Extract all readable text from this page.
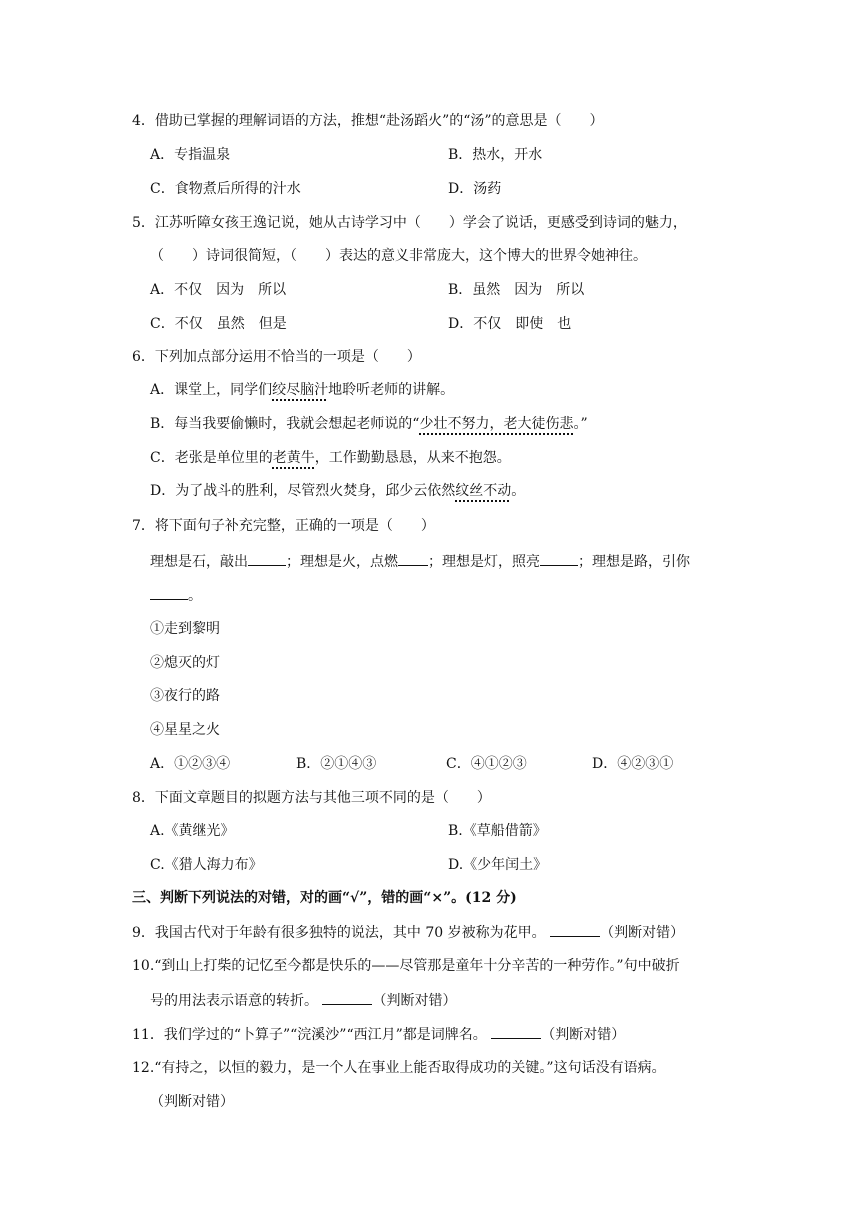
4．借助已掌握的理解词语的方法，推想“赴汤蹈火”的“汤”的意思是（　　）
A．专指温泉	B．热水，开水
C．食物煮后所得的汁水	D．汤药
5．江苏听障女孩王逸记说，她从古诗学习中（　　）学会了说话，更感受到诗词的魅力，
（　　）诗词很简短，（　　）表达的意义非常庞大，这个博大的世界令她神往。
A．不仅　因为　所以	B．虽然　因为　所以
C．不仅　虽然　但是	D．不仅　即使　也
6．下列加点部分运用不恰当的一项是（　　）
A．课堂上，同学们绞尽脑汁地聆听老师的讲解。
B．每当我要偷懒时，我就会想起老师说的“少壮不努力，老大徒伤悲。”
C．老张是单位里的老黄牛，工作勤勤恳恳，从来不抱怨。
D．为了战斗的胜利，尽管烈火焚身，邱少云依然纹丝不动。
7．将下面句子补充完整，正确的一项是（　　）
理想是石，敲出	；理想是火，点燃 ；理想是灯，照亮	；理想是路，引你
。
①走到黎明
②熄灭的灯
③夜行的路
④星星之火
A．①②③④	B．②①④③	C．④①②③	D．④②③①
8．下面文章题目的拟题方法与其他三项不同的是（　　）
A.《黄继光》	B.《草船借箭》
C.《猎人海力布》	D.《少年闰土》
三、判断下列说法的对错，对的画“√”，错的画“×”。(12 分)
9．我国古代对于年龄有很多独特的说法，其中 70 岁被称为花甲。	（判断对错）
10.“到山上打柴的记忆至今都是快乐的——尽管那是童年十分辛苦的一种劳作。”句中破折
号的用法表示语意的转折。	（判断对错）
11．我们学过的“卜算子”“浣溪沙”“西江月”都是词牌名。	（判断对错）
12.“有持之，以恒的毅力，是一个人在事业上能否取得成功的关键。”这句话没有语病。
（判断对错）
